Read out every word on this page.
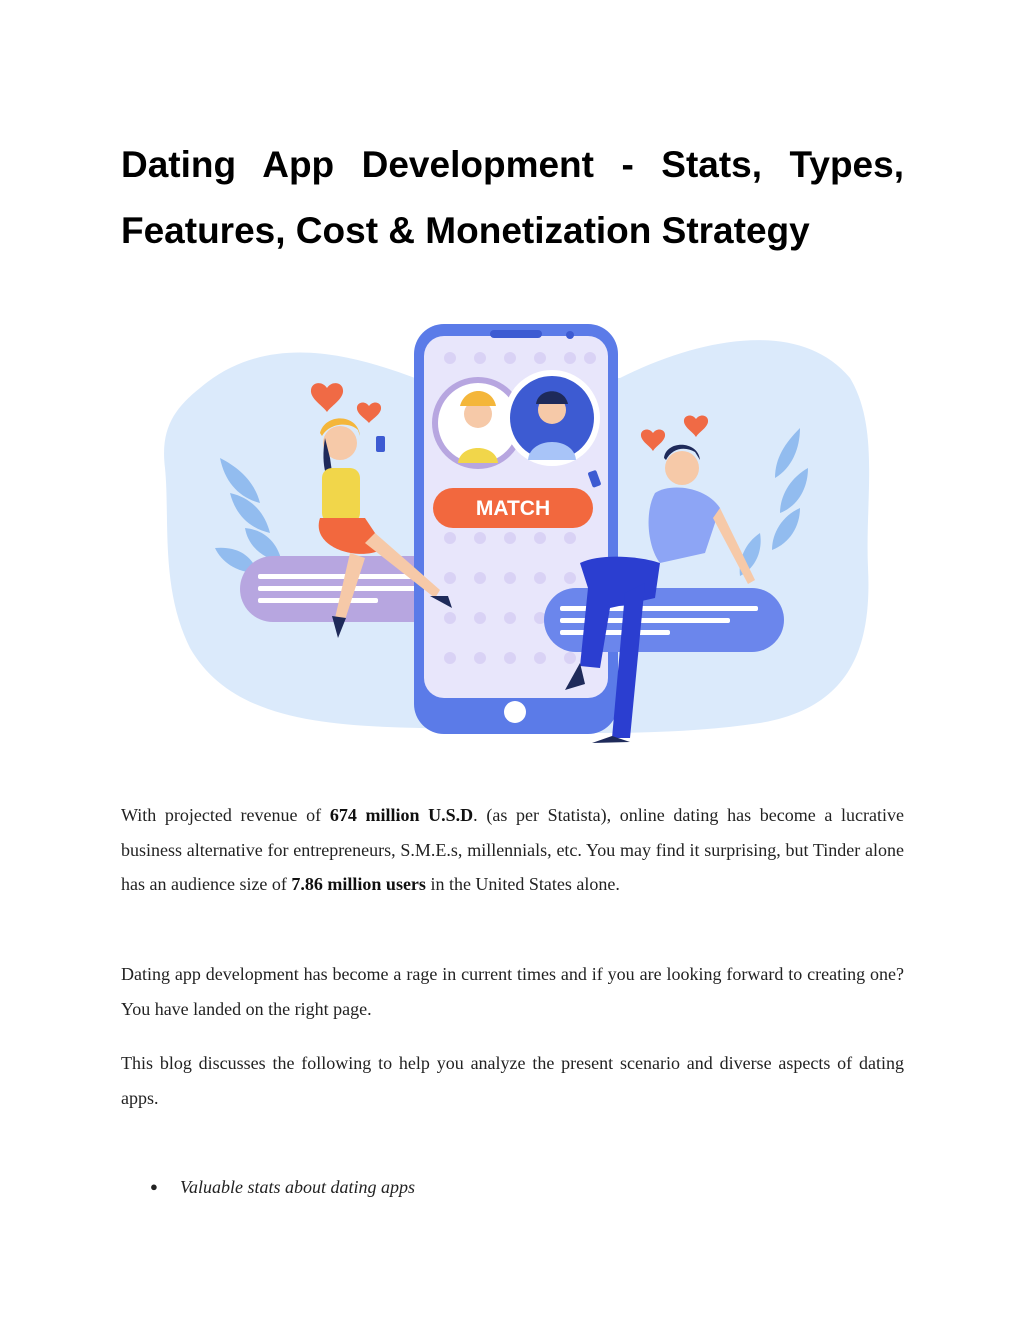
Dating App Development - Stats, Types, Features, Cost & Monetization Strategy
MATCH

With projected revenue of 674 million U.S.D. (as per Statista), online dating has become a lucrative business alternative for entrepreneurs, S.M.E.s, millennials, etc. You may find it surprising, but Tinder alone has an audience size of 7.86 million users in the United States alone.

Dating app development has become a rage in current times and if you are looking forward to creating one? You have landed on the right page.

This blog discusses the following to help you analyze the present scenario and diverse aspects of dating apps.

●	Valuable stats about dating apps
